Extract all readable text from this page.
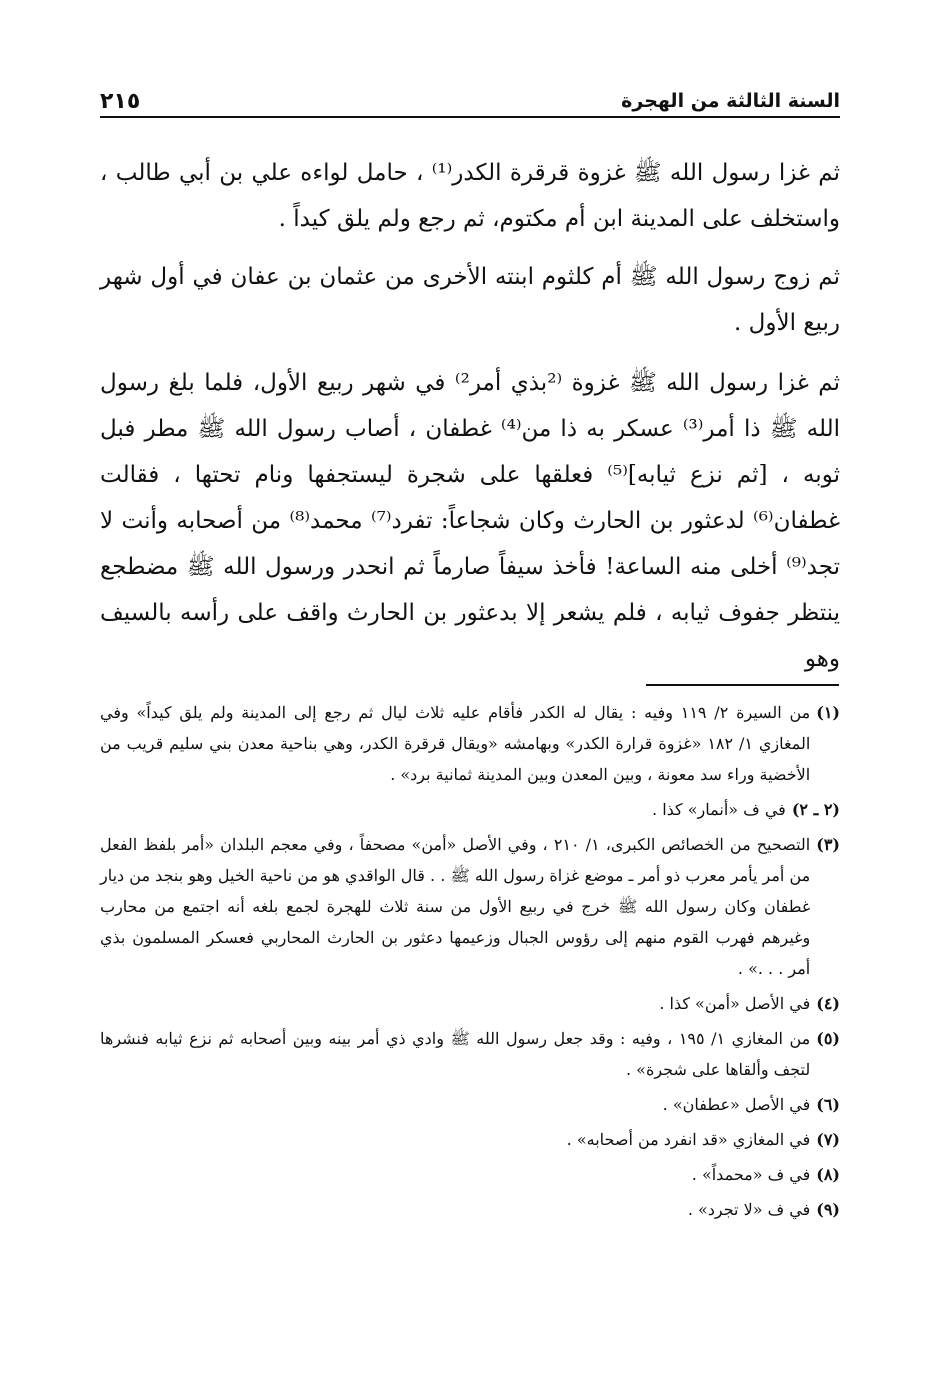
السنة الثالثة من الهجرة
٢١٥

ثم غزا رسول الله ﷺ غزوة قرقرة الكدر⁽¹⁾ ، حامل لواءه علي بن أبي طالب ، واستخلف على المدينة ابن أم مكتوم، ثم رجع ولم يلق كيداً .

ثم زوج رسول الله ﷺ أم كلثوم ابنته الأخرى من عثمان بن عفان في أول شهر ربيع الأول .

ثم غزا رسول الله ﷺ غزوة ⁽²بذي أمر²⁾ في شهر ربيع الأول، فلما بلغ رسول الله ﷺ ذا أمر⁽³⁾ عسكر به ذا من⁽⁴⁾ غطفان ، أصاب رسول الله ﷺ مطر فبل ثوبه ، [ثم نزع ثيابه]⁽⁵⁾ فعلقها على شجرة ليستجفها ونام تحتها ، فقالت غطفان⁽⁶⁾ لدعثور بن الحارث وكان شجاعاً: تفرد⁽⁷⁾ محمد⁽⁸⁾ من أصحابه وأنت لا تجد⁽⁹⁾ أخلى منه الساعة! فأخذ سيفاً صارماً ثم انحدر ورسول الله ﷺ مضطجع ينتظر جفوف ثيابه ، فلم يشعر إلا بدعثور بن الحارث واقف على رأسه بالسيف وهو

(١)
من السيرة ٢/ ١١٩ وفيه : يقال له الكدر فأقام عليه ثلاث ليال ثم رجع إلى المدينة ولم يلق كيداً» وفي المغازي ١/ ١٨٢ «غزوة قرارة الكدر» وبهامشه «ويقال قرقرة الكدر، وهي بناحية معدن بني سليم قريب من الأخضية وراء سد معونة ، وبين المعدن وبين المدينة ثمانية برد» .
(٢ ـ ٢)
في ف «أنمار» كذا .
(٣)
التصحيح من الخصائص الكبرى، ١/ ٢١٠ ، وفي الأصل «أمن» مصحفاً ، وفي معجم البلدان «أمر بلفظ الفعل من أمر يأمر معرب ذو أمر ـ موضع غزاة رسول الله ﷺ . . قال الواقدي هو من ناحية الخيل وهو بنجد من ديار غطفان وكان رسول الله ﷺ خرج في ربيع الأول من سنة ثلاث للهجرة لجمع بلغه أنه اجتمع من محارب وغيرهم فهرب القوم منهم إلى رؤوس الجبال وزعيمها دعثور بن الحارث المحاربي فعسكر المسلمون بذي أمر . . .» .
(٤)
في الأصل «أمن» كذا .
(٥)
من المغازي ١/ ١٩٥ ، وفيه : وقد جعل رسول الله ﷺ وادي ذي أمر بينه وبين أصحابه ثم نزع ثيابه فنشرها لتجف وألقاها على شجرة» .
(٦)
في الأصل «عطفان» .
(٧)
في المغازي «قد انفرد من أصحابه» .
(٨)
في ف «محمداً» .
(٩)
في ف «لا تجرد» .
